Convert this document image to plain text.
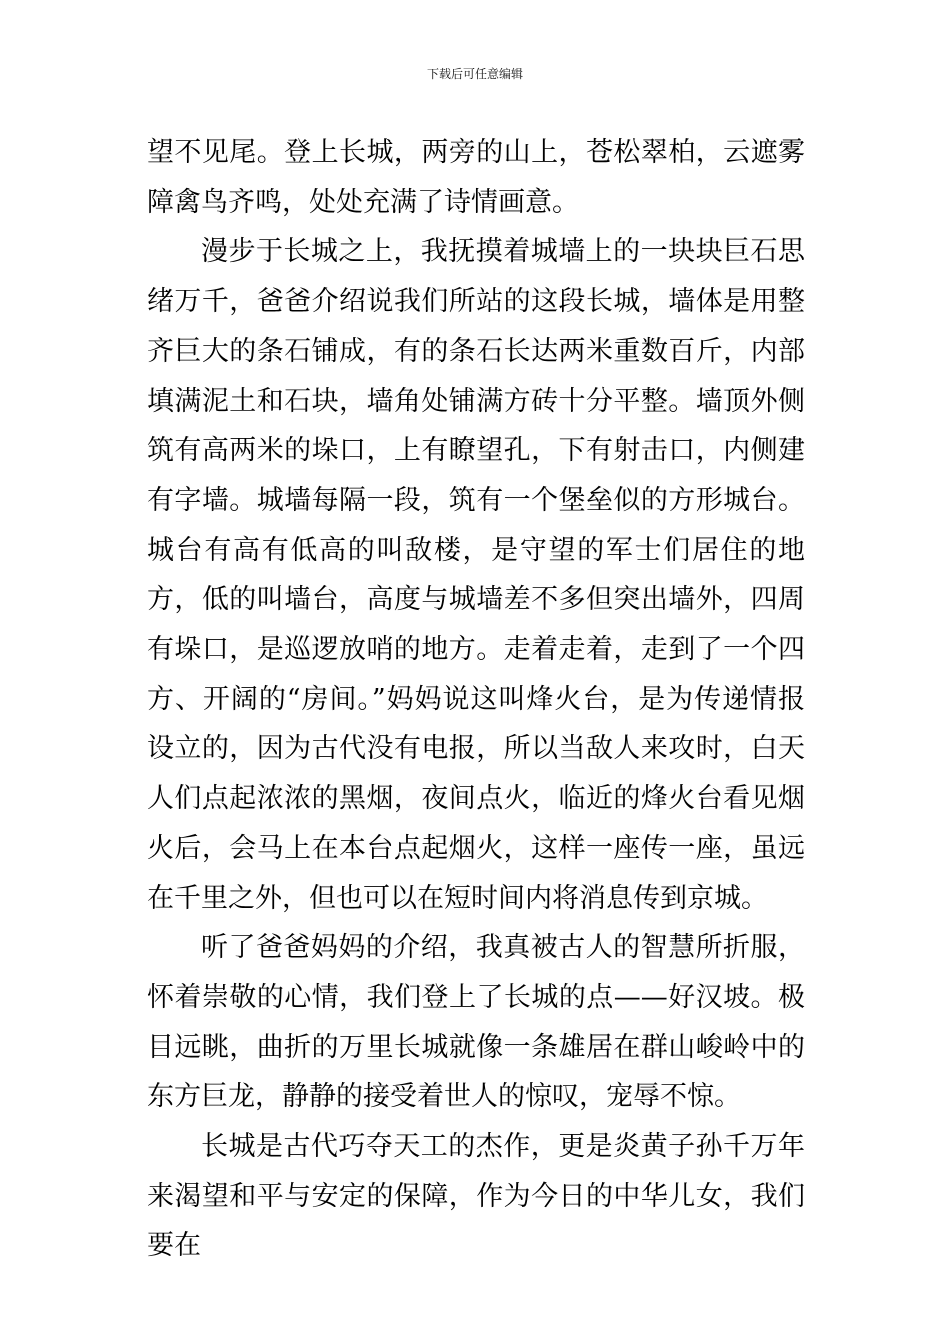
下载后可任意编辑

望不见尾。登上长城，两旁的山上，苍松翠柏，云遮雾障禽鸟齐鸣，处处充满了诗情画意。

漫步于长城之上，我抚摸着城墙上的一块块巨石思绪万千，爸爸介绍说我们所站的这段长城，墙体是用整齐巨大的条石铺成，有的条石长达两米重数百斤，内部填满泥土和石块，墙角处铺满方砖十分平整。墙顶外侧筑有高两米的垛口，上有瞭望孔，下有射击口，内侧建有字墙。城墙每隔一段，筑有一个堡垒似的方形城台。城台有高有低高的叫敌楼，是守望的军士们居住的地方，低的叫墙台，高度与城墙差不多但突出墙外，四周有垛口，是巡逻放哨的地方。走着走着，走到了一个四方、开阔的“房间。”妈妈说这叫烽火台，是为传递情报设立的，因为古代没有电报，所以当敌人来攻时，白天人们点起浓浓的黑烟，夜间点火，临近的烽火台看见烟火后，会马上在本台点起烟火，这样一座传一座，虽远在千里之外，但也可以在短时间内将消息传到京城。

听了爸爸妈妈的介绍，我真被古人的智慧所折服，怀着崇敬的心情，我们登上了长城的点——好汉坡。极目远眺，曲折的万里长城就像一条雄居在群山峻岭中的东方巨龙，静静的接受着世人的惊叹，宠辱不惊。

长城是古代巧夺天工的杰作，更是炎黄子孙千万年来渴望和平与安定的保障，作为今日的中华儿女，我们要在
